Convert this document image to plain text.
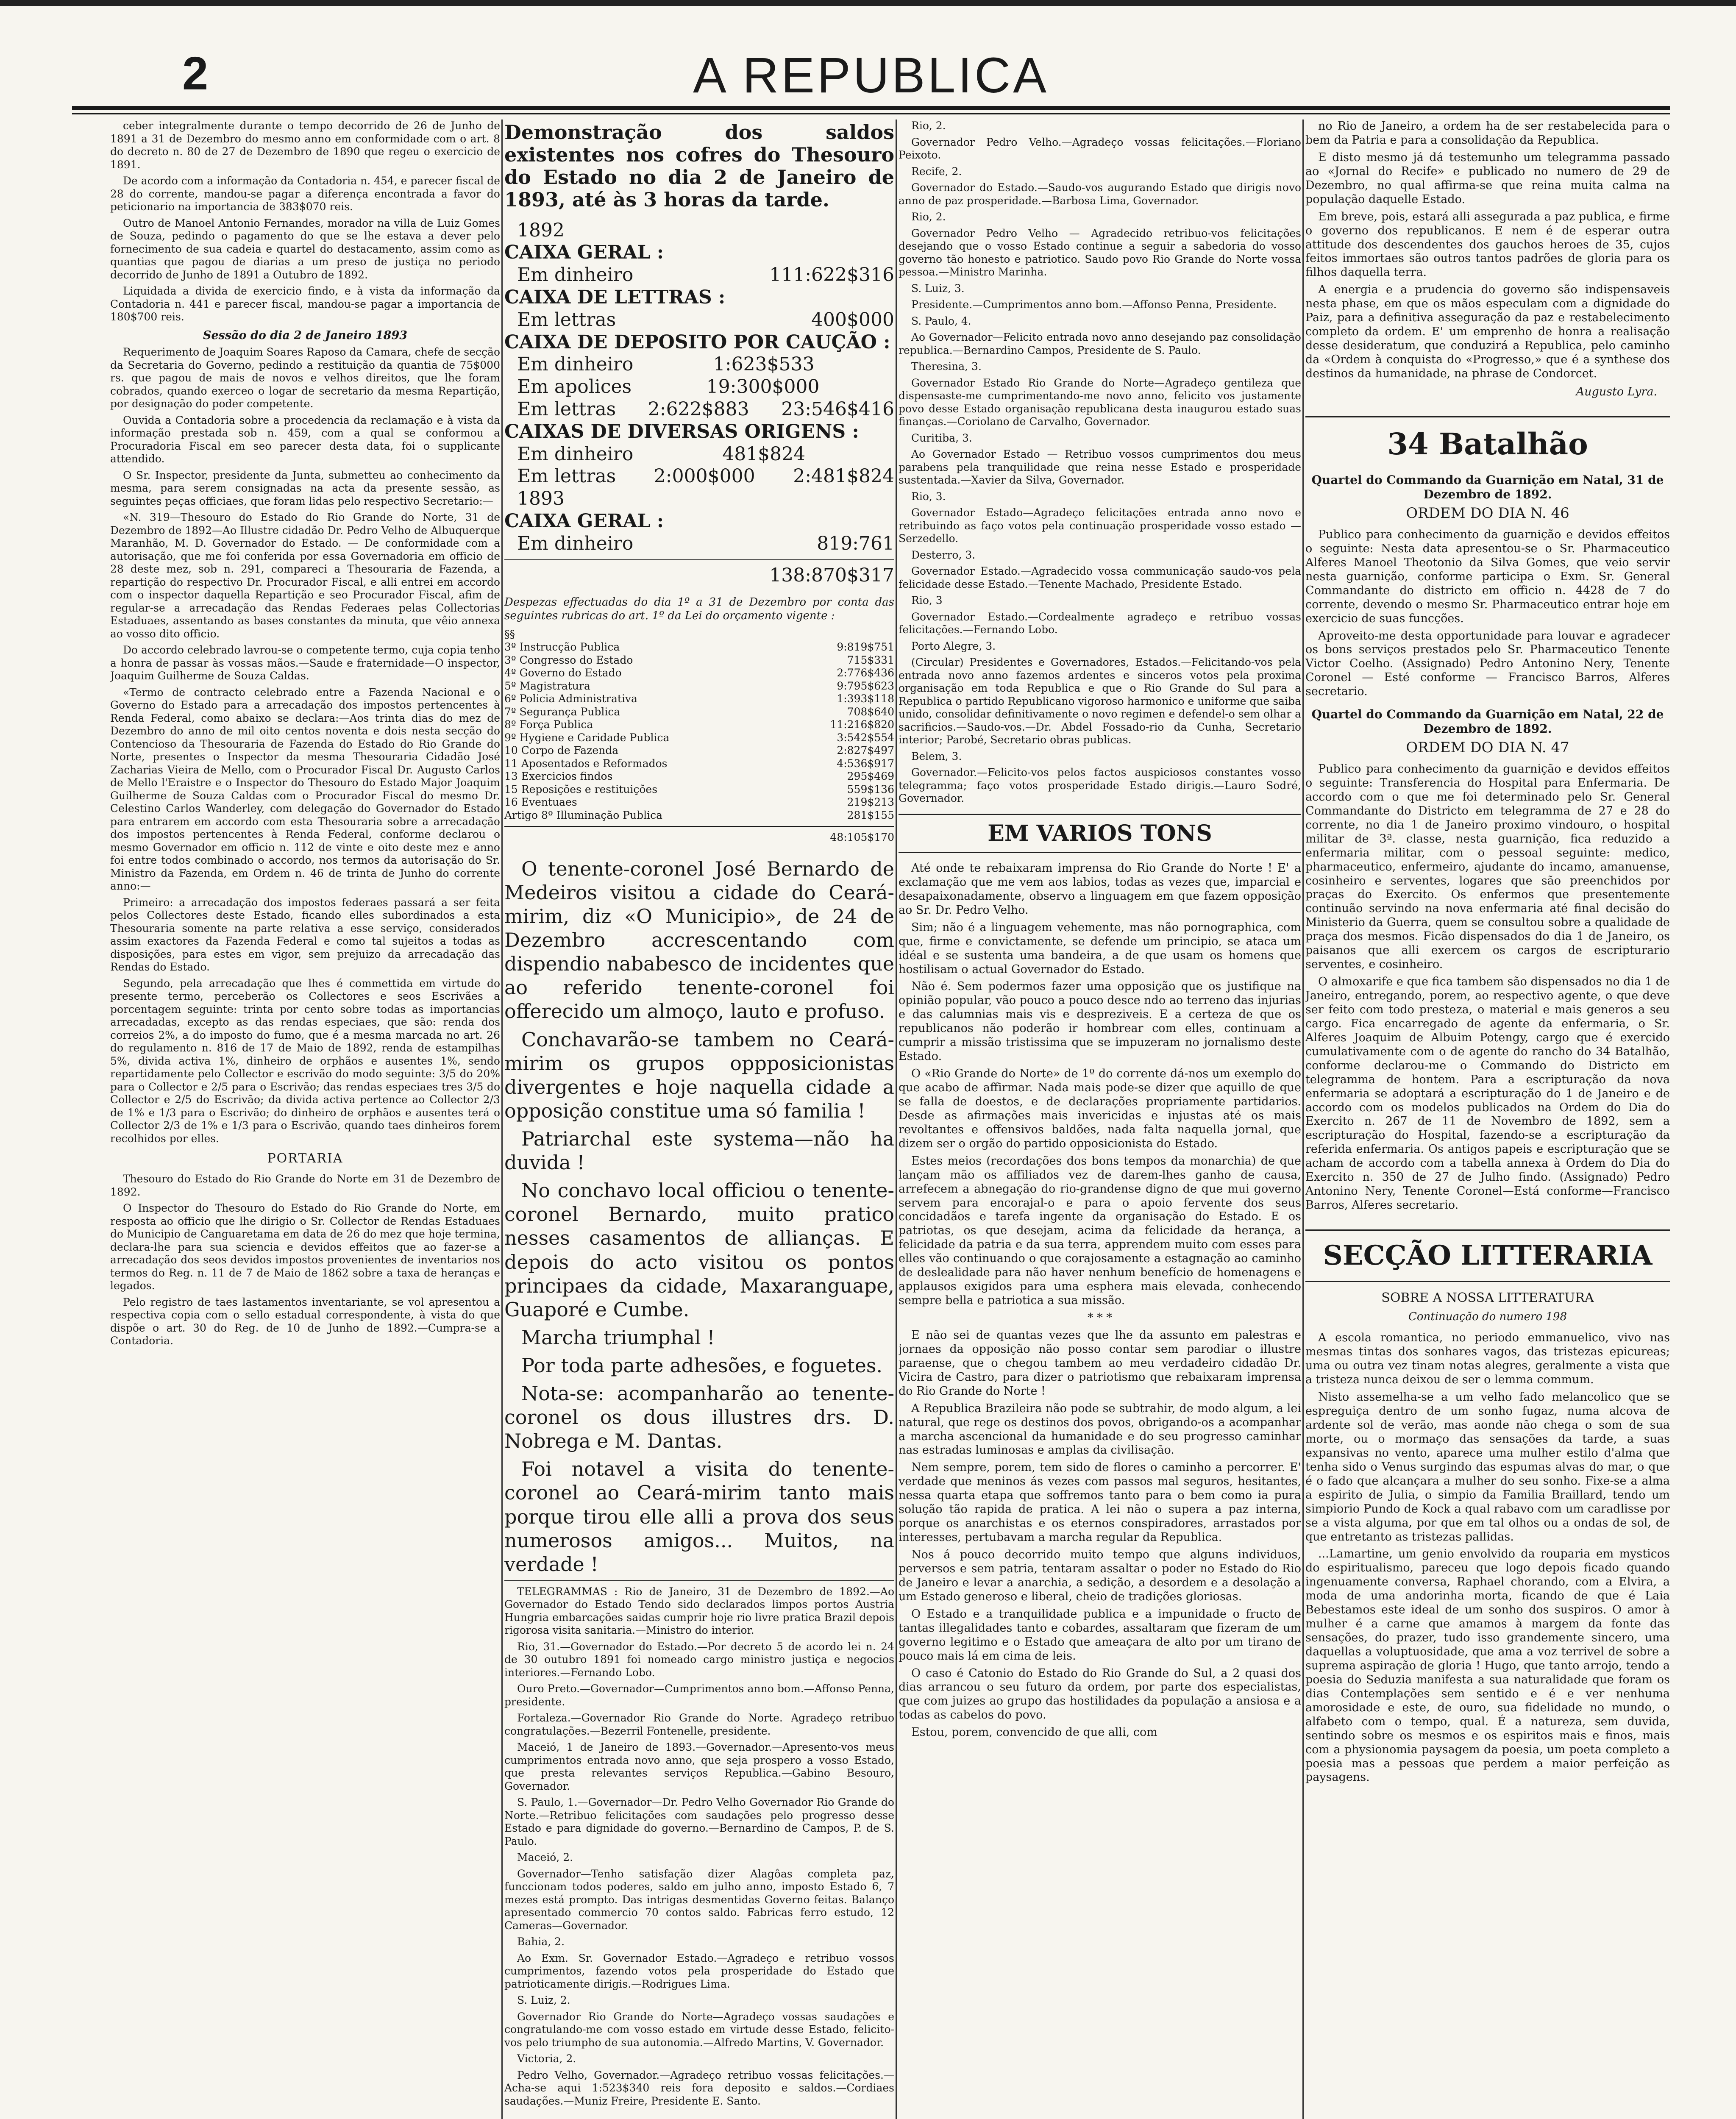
2	A REPUBLICA

ceber integralmente durante o tempo decorrido de 26 de Junho de 1891 a 31 de Dezembro do mesmo anno em conformidade com o art. 8 do decreto n. 80 de 27 de Dezembro de 1890 que regeu o exercicio de 1891.

De acordo com a informação da Contadoria n. 454, e parecer fiscal de 28 do corrente, mandou-se pagar a diferença encontrada a favor do peticionario na importancia de 383$070 reis.

Outro de Manoel Antonio Fernandes, morador na villa de Luiz Gomes de Souza, pedindo o pagamento do que se lhe estava a dever pelo fornecimento de sua cadeia e quartel do destacamento, assim como as quantias que pagou de diarias a um preso de justiça no periodo decorrido de Junho de 1891 a Outubro de 1892.

Liquidada a divida de exercicio findo, e à vista da informação da Contadoria n. 441 e parecer fiscal, mandou-se pagar a importancia de 180$700 reis.

Sessão do dia 2 de Janeiro 1893

Requerimento de Joaquim Soares Raposo da Camara, chefe de secção da Secretaria do Governo, pedindo a restituição da quantia de 75$000 rs. que pagou de mais de novos e velhos direitos, que lhe foram cobrados, quando exerceo o logar de secretario da mesma Repartição, por designação do poder competente.

Ouvida a Contadoria sobre a procedencia da reclamação e à vista da informação prestada sob n. 459, com a qual se conformou a Procuradoria Fiscal em seo parecer desta data, foi o supplicante attendido.

O Sr. Inspector, presidente da Junta, submetteu ao conhecimento da mesma, para serem consignadas na acta da presente sessão, as seguintes peças officiaes, que foram lidas pelo respectivo Secretario:—

«N. 319—Thesouro do Estado do Rio Grande do Norte, 31 de Dezembro de 1892—Ao Illustre cidadão Dr. Pedro Velho de Albuquerque Maranhão, M. D. Governador do Estado. — De conformidade com a autorisação, que me foi conferida por essa Governadoria em officio de 28 deste mez, sob n. 291, compareci a Thesouraria de Fazenda, a repartição do respectivo Dr. Procurador Fiscal, e alli entrei em accordo com o inspector daquella Repartição e seo Procurador Fiscal, afim de regular-se a arrecadação das Rendas Federaes pelas Collectorias Estaduaes, assentando as bases constantes da minuta, que vêio annexa ao vosso dito officio.

Do accordo celebrado lavrou-se o competente termo, cuja copia tenho a honra de passar às vossas mãos.—Saude e fraternidade—O inspector, Joaquim Guilherme de Souza Caldas.

«Termo de contracto celebrado entre a Fazenda Nacional e o Governo do Estado para a arrecadação dos impostos pertencentes à Renda Federal, como abaixo se declara:—Aos trinta dias do mez de Dezembro do anno de mil oito centos noventa e dois nesta secção do Contencioso da Thesouraria de Fazenda do Estado do Rio Grande do Norte, presentes o Inspector da mesma Thesouraria Cidadão José Zacharias Vieira de Mello, com o Procurador Fiscal Dr. Augusto Carlos de Mello l'Eraistre e o Inspector do Thesouro do Estado Major Joaquim Guilherme de Souza Caldas com o Procurador Fiscal do mesmo Dr. Celestino Carlos Wanderley, com delegação do Governador do Estado para entrarem em accordo com esta Thesouraria sobre a arrecadação dos impostos pertencentes à Renda Federal, conforme declarou o mesmo Governador em officio n. 112 de vinte e oito deste mez e anno foi entre todos combinado o accordo, nos termos da autorisação do Sr. Ministro da Fazenda, em Ordem n. 46 de trinta de Junho do corrente anno:—

Primeiro: a arrecadação dos impostos federaes passará a ser feita pelos Collectores deste Estado, ficando elles subordinados a esta Thesouraria somente na parte relativa a esse serviço, considerados assim exactores da Fazenda Federal e como tal sujeitos a todas as disposições, para estes em vigor, sem prejuizo da arrecadação das Rendas do Estado.

Segundo, pela arrecadação que lhes é commettida em virtude do presente termo, perceberão os Collectores e seos Escrivães a porcentagem seguinte: trinta por cento sobre todas as importancias arrecadadas, excepto as das rendas especiaes, que são: renda dos correios 2%, a do imposto do fumo, que é a mesma marcada no art. 26 do regulamento n. 816 de 17 de Maio de 1892, renda de estampilhas 5%, divida activa 1%, dinheiro de orphãos e ausentes 1%, sendo repartidamente pelo Collector e escrivão do modo seguinte: 3/5 do 20% para o Collector e 2/5 para o Escrivão; das rendas especiaes tres 3/5 do Collector e 2/5 do Escrivão; da divida activa pertence ao Collector 2/3 de 1% e 1/3 para o Escrivão; do dinheiro de orphãos e ausentes terá o Collector 2/3 de 1% e 1/3 para o Escrivão, quando taes dinheiros forem recolhidos por elles.

PORTARIA

Thesouro do Estado do Rio Grande do Norte em 31 de Dezembro de 1892.

O Inspector do Thesouro do Estado do Rio Grande do Norte, em resposta ao officio que lhe dirigio o Sr. Collector de Rendas Estaduaes do Municipio de Canguaretama em data de 26 do mez que hoje termina, declara-lhe para sua sciencia e devidos effeitos que ao fazer-se a arrecadação dos seos devidos impostos provenientes de inventarios nos termos do Reg. n. 11 de 7 de Maio de 1862 sobre a taxa de heranças e legados.

Pelo registro de taes lastamentos inventariante, se vol apresentou a respectiva copia com o sello estadual correspondente, à vista do que dispõe o art. 30 do Reg. de 10 de Junho de 1892.—Cumpra-se a Contadoria.

Demonstração dos saldos existentes nos cofres do Thesouro do Estado no dia 2 de Janeiro de 1893, até às 3 horas da tarde.
1892
CAIXA GERAL :
Em dinheiro	111:622$316
CAIXA DE LETTRAS :
Em lettras	400$000
CAIXA DE DEPOSITO POR CAUÇÃO :
Em dinheiro	1:623$533
Em apolices	19:300$000
Em lettras	2:622$883	23:546$416
CAIXAS DE DIVERSAS ORIGENS :
Em dinheiro	481$824
Em lettras	2:000$000	2:481$824
1893
CAIXA GERAL :
Em dinheiro	819:761
138:870$317

Despezas effectuadas do dia 1º a 31 de Dezembro por conta das seguintes rubricas do art. 1º da Lei do orçamento vigente :

§§
3º Instrucção Publica	9:819$751
3º Congresso do Estado	715$331
4º Governo do Estado	2:776$436
5º Magistratura	9:795$623
6º Policia Administrativa	1:393$118
7º Segurança Publica	708$640
8º Força Publica	11:216$820
9º Hygiene e Caridade Publica	3:542$554
10 Corpo de Fazenda	2:827$497
11 Aposentados e Reformados	4:536$917
13 Exercicios findos	295$469
15 Reposições e restituições	559$136
16 Eventuaes	219$213
Artigo 8º Illuminação Publica	281$155
48:105$170

O tenente-coronel José Bernardo de Medeiros visitou a cidade do Ceará-mirim, diz «O Municipio», de 24 de Dezembro accrescentando com dispendio nababesco de incidentes que ao referido tenente-coronel foi offerecido um almoço, lauto e profuso.

Conchavarão-se tambem no Ceará-mirim os grupos oppposicionistas divergentes e hoje naquella cidade a opposição constitue uma só familia !

Patriarchal este systema—não ha duvida !

No conchavo local officiou o tenente-coronel Bernardo, muito pratico nesses casamentos de allianças. E depois do acto visitou os pontos principaes da cidade, Maxaranguape, Guaporé e Cumbe.

Marcha triumphal !

Por toda parte adhesões, e foguetes.

Nota-se: acompanharão ao tenente-coronel os dous illustres drs. D. Nobrega e M. Dantas.

Foi notavel a visita do tenente-coronel ao Ceará-mirim tanto mais porque tirou elle alli a prova dos seus numerosos amigos... Muitos, na verdade !

TELEGRAMMAS : Rio de Janeiro, 31 de Dezembro de 1892.—Ao Governador do Estado Tendo sido declarados limpos portos Austria Hungria embarcações saidas cumprir hoje rio livre pratica Brazil depois rigorosa visita sanitaria.—Ministro do interior.

Rio, 31.—Governador do Estado.—Por decreto 5 de acordo lei n. 24 de 30 outubro 1891 foi nomeado cargo ministro justiça e negocios interiores.—Fernando Lobo.

Ouro Preto.—Governador—Cumprimentos anno bom.—Affonso Penna, presidente.

Fortaleza.—Governador Rio Grande do Norte. Agradeço retribuo congratulações.—Bezerril Fontenelle, presidente.

Maceió, 1 de Janeiro de 1893.—Governador.—Apresento-vos meus cumprimentos entrada novo anno, que seja prospero a vosso Estado, que presta relevantes serviços Republica.—Gabino Besouro, Governador.

S. Paulo, 1.—Governador—Dr. Pedro Velho Governador Rio Grande do Norte.—Retribuo felicitações com saudações pelo progresso desse Estado e para dignidade do governo.—Bernardino de Campos, P. de S. Paulo.

Maceió, 2.

Governador—Tenho satisfação dizer Alagôas completa paz, funccionam todos poderes, saldo em julho anno, imposto Estado 6, 7 mezes está prompto. Das intrigas desmentidas Governo feitas. Balanço apresentado commercio 70 contos saldo. Fabricas ferro estudo, 12 Cameras—Governador.

Bahia, 2.

Ao Exm. Sr. Governador Estado.—Agradeço e retribuo vossos cumprimentos, fazendo votos pela prosperidade do Estado que patrioticamente dirigis.—Rodrigues Lima.

S. Luiz, 2.

Governador Rio Grande do Norte—Agradeço vossas saudações e congratulando-me com vosso estado em virtude desse Estado, felicito-vos pelo triumpho de sua autonomia.—Alfredo Martins, V. Governador.

Victoria, 2.

Pedro Velho, Governador.—Agradeço retribuo vossas felicitações.—Acha-se aqui 1:523$340 reis fora deposito e saldos.—Cordiaes saudações.—Muniz Freire, Presidente E. Santo.

Rio, 2.

Governador Pedro Velho.—Agradeço vossas felicitações.—Floriano Peixoto.

Recife, 2.

Governador do Estado.—Saudo-vos augurando Estado que dirigis novo anno de paz prosperidade.—Barbosa Lima, Governador.

Rio, 2.

Governador Pedro Velho — Agradecido retribuo-vos felicitações desejando que o vosso Estado continue a seguir a sabedoria do vosso governo tão honesto e patriotico. Saudo povo Rio Grande do Norte vossa pessoa.—Ministro Marinha.

S. Luiz, 3.

Presidente.—Cumprimentos anno bom.—Affonso Penna, Presidente.

S. Paulo, 4.

Ao Governador—Felicito entrada novo anno desejando paz consolidação republica.—Bernardino Campos, Presidente de S. Paulo.

Theresina, 3.

Governador Estado Rio Grande do Norte—Agradeço gentileza que dispensaste-me cumprimentando-me novo anno, felicito vos justamente povo desse Estado organisação republicana desta inaugurou estado suas finanças.—Coriolano de Carvalho, Governador.

Curitiba, 3.

Ao Governador Estado — Retribuo vossos cumprimentos dou meus parabens pela tranquilidade que reina nesse Estado e prosperidade sustentada.—Xavier da Silva, Governador.

Rio, 3.

Governador Estado—Agradeço felicitações entrada anno novo e retribuindo as faço votos pela continuação prosperidade vosso estado — Serzedello.

Desterro, 3.

Governador Estado.—Agradecido vossa communicação saudo-vos pela felicidade desse Estado.—Tenente Machado, Presidente Estado.

Rio, 3

Governador Estado.—Cordealmente agradeço e retribuo vossas felicitações.—Fernando Lobo.

Porto Alegre, 3.

(Circular) Presidentes e Governadores, Estados.—Felicitando-vos pela entrada novo anno fazemos ardentes e sinceros votos pela proxima organisação em toda Republica e que o Rio Grande do Sul para a Republica o partido Republicano vigoroso harmonico e uniforme que saiba unido, consolidar definitivamente o novo regimen e defendel-o sem olhar a sacrificios.—Saudo-vos.—Dr. Abdel Fossado-rio da Cunha, Secretario interior; Parobé, Secretario obras publicas.

Belem, 3.

Governador.—Felicito-vos pelos factos auspiciosos constantes vosso telegramma; faço votos prosperidade Estado dirigis.—Lauro Sodré, Governador.

EM VARIOS TONS

Até onde te rebaixaram imprensa do Rio Grande do Norte ! E' a exclamação que me vem aos labios, todas as vezes que, imparcial e desapaixonadamente, observo a linguagem em que fazem opposição ao Sr. Dr. Pedro Velho.

Sim; não é a linguagem vehemente, mas não pornographica, com que, firme e convictamente, se defende um principio, se ataca um idéal e se sustenta uma bandeira, a de que usam os homens que hostilisam o actual Governador do Estado.

Não é. Sem podermos fazer uma opposição que os justifique na opinião popular, vão pouco a pouco desce ndo ao terreno das injurias e das calumnias mais vis e despreziveis. E a certeza de que os republicanos não poderão ir hombrear com elles, continuam a cumprir a missão tristissima que se impuzeram no jornalismo deste Estado.

O «Rio Grande do Norte» de 1º do corrente dá-nos um exemplo do que acabo de affirmar. Nada mais pode-se dizer que aquillo de que se falla de doestos, e de declarações propriamente partidarios. Desde as afirmações mais invericidas e injustas até os mais revoltantes e offensivos baldões, nada falta naquella jornal, que dizem ser o orgão do partido opposicionista do Estado.

Estes meios (recordações dos bons tempos da monarchia) de que lançam mão os affiliados vez de darem-lhes ganho de causa, arrefecem a abnegação do rio-grandense digno de que mui governo servem para encorajal-o e para o apoio fervente dos seus concidadãos e tarefa ingente da organisação do Estado. E os patriotas, os que desejam, acima da felicidade da herança, a felicidade da patria e da sua terra, apprendem muito com esses para elles vão continuando o que corajosamente a estagnação ao caminho de deslealidade para não haver nenhum benefício de homenagens e applausos exigidos para uma esphera mais elevada, conhecendo sempre bella e patriotica a sua missão.

* * *

E não sei de quantas vezes que lhe da assunto em palestras e jornaes da opposição não posso contar sem parodiar o illustre paraense, que o chegou tambem ao meu verdadeiro cidadão Dr. Vicira de Castro, para dizer o patriotismo que rebaixaram imprensa do Rio Grande do Norte !

A Republica Brazileira não pode se subtrahir, de modo algum, a lei natural, que rege os destinos dos povos, obrigando-os a acompanhar a marcha ascencional da humanidade e do seu progresso caminhar nas estradas luminosas e amplas da civilisação.

Nem sempre, porem, tem sido de flores o caminho a percorrer. E' verdade que meninos ás vezes com passos mal seguros, hesitantes, nessa quarta etapa que soffremos tanto para o bem como ia pura solução tão rapida de pratica. A lei não o supera a paz interna, porque os anarchistas e os eternos conspiradores, arrastados por interesses, pertubavam a marcha regular da Republica.

Nos á pouco decorrido muito tempo que alguns individuos, perversos e sem patria, tentaram assaltar o poder no Estado do Rio de Janeiro e levar a anarchia, a sedição, a desordem e a desolação a um Estado generoso e liberal, cheio de tradições gloriosas.

O Estado e a tranquilidade publica e a impunidade o fructo de tantas illegalidades tanto e cobardes, assaltaram que fizeram de um governo legitimo e o Estado que ameaçara de alto por um tirano de pouco mais lá em cima de leis.

O caso é Catonio do Estado do Rio Grande do Sul, a 2 quasi dos dias arrancou o seu futuro da ordem, por parte dos especialistas, que com juizes ao grupo das hostilidades da população a ansiosa e a todas as cabelos do povo.

Estou, porem, convencido de que alli, com

no Rio de Janeiro, a ordem ha de ser restabelecida para o bem da Patria e para a consolidação da Republica.

E disto mesmo já dá testemunho um telegramma passado ao «Jornal do Recife» e publicado no numero de 29 de Dezembro, no qual affirma-se que reina muita calma na população daquelle Estado.

Em breve, pois, estará alli assegurada a paz publica, e firme o governo dos republicanos. E nem é de esperar outra attitude dos descendentes dos gauchos heroes de 35, cujos feitos immortaes são outros tantos padrões de gloria para os filhos daquella terra.

A energia e a prudencia do governo são indispensaveis nesta phase, em que os mãos especulam com a dignidade do Paiz, para a definitiva asseguração da paz e restabelecimento completo da ordem. E' um emprenho de honra a realisação desse desideratum, que conduzirá a Republica, pelo caminho da «Ordem à conquista do «Progresso,» que é a synthese dos destinos da humanidade, na phrase de Condorcet.

Augusto Lyra.
34 Batalhão
Quartel do Commando da Guarnição em Natal, 31 de Dezembro de 1892.
ORDEM DO DIA N. 46

Publico para conhecimento da guarnição e devidos effeitos o seguinte: Nesta data apresentou-se o Sr. Pharmaceutico Alferes Manoel Theotonio da Silva Gomes, que veio servir nesta guarnição, conforme participa o Exm. Sr. General Commandante do districto em officio n. 4428 de 7 do corrente, devendo o mesmo Sr. Pharmaceutico entrar hoje em exercicio de suas funcções.

Aproveito-me desta opportunidade para louvar e agradecer os bons serviços prestados pelo Sr. Pharmaceutico Tenente Victor Coelho. (Assignado) Pedro Antonino Nery, Tenente Coronel — Esté conforme — Francisco Barros, Alferes secretario.

Quartel do Commando da Guarnição em Natal, 22 de Dezembro de 1892.
ORDEM DO DIA N. 47

Publico para conhecimento da guarnição e devidos effeitos o seguinte: Transferencia do Hospital para Enfermaria. De accordo com o que me foi determinado pelo Sr. General Commandante do Districto em telegramma de 27 e 28 do corrente, no dia 1 de Janeiro proximo vindouro, o hospital militar de 3ª. classe, nesta guarnição, fica reduzido a enfermaria militar, com o pessoal seguinte: medico, pharmaceutico, enfermeiro, ajudante do incamo, amanuense, cosinheiro e serventes, logares que são preenchidos por praças do Exercito. Os enfermos que presentemente continuão servindo na nova enfermaria até final decisão do Ministerio da Guerra, quem se consultou sobre a qualidade de praça dos mesmos. Ficão dispensados do dia 1 de Janeiro, os paisanos que alli exercem os cargos de escripturario serventes, e cosinheiro.

O almoxarife e que fica tambem são dispensados no dia 1 de Janeiro, entregando, porem, ao respectivo agente, o que deve ser feito com todo presteza, o material e mais generos a seu cargo. Fica encarregado de agente da enfermaria, o Sr. Alferes Joaquim de Albuim Potengy, cargo que é exercido cumulativamente com o de agente do rancho do 34 Batalhão, conforme declarou-me o Commando do Districto em telegramma de hontem. Para a escripturação da nova enfermaria se adoptará a escripturação do 1 de Janeiro e de accordo com os modelos publicados na Ordem do Dia do Exercito n. 267 de 11 de Novembro de 1892, sem a escripturação do Hospital, fazendo-se a escripturação da referida enfermaria. Os antigos papeis e escripturação que se acham de accordo com a tabella annexa à Ordem do Dia do Exercito n. 350 de 27 de Julho findo. (Assignado) Pedro Antonino Nery, Tenente Coronel—Está conforme—Francisco Barros, Alferes secretario.

SECÇÃO LITTERARIA
SOBRE A NOSSA LITTERATURA
Continuação do numero 198

A escola romantica, no periodo emmanuelico, vivo nas mesmas tintas dos sonhares vagos, das tristezas epicureas; uma ou outra vez tinam notas alegres, geralmente a vista que a tristeza nunca deixou de ser o lemma commum.

Nisto assemelha-se a um velho fado melancolico que se espreguiça dentro de um sonho fugaz, numa alcova de ardente sol de verão, mas aonde não chega o som de sua morte, ou o mormaço das sensações da tarde, a suas expansivas no vento, aparece uma mulher estilo d'alma que tenha sido o Venus surgindo das espumas alvas do mar, o que é o fado que alcançara a mulher do seu sonho. Fixe-se a alma a espirito de Julia, o simpio da Familia Braillard, tendo um simpiorio Pundo de Kock a qual rabavo com um caradlisse por se a vista alguma, por que em tal olhos ou a ondas de sol, de que entretanto as tristezas pallidas.

...Lamartine, um genio envolvido da rouparia em mysticos do espiritualismo, pareceu que logo depois ficado quando ingenuamente conversa, Raphael chorando, com a Elvira, a moda de uma andorinha morta, ficando de que é Laia Bebestamos este ideal de um sonho dos suspiros. O amor à mulher é a carne que amamos à margem da fonte das sensações, do prazer, tudo isso grandemente sincero, uma daquellas a voluptuosidade, que ama a voz terrivel de sobre a suprema aspiração de gloria ! Hugo, que tanto arrojo, tendo a poesia do Seduzia manifesta a sua naturalidade que foram os dias Contemplações sem sentido e é e ver nenhuma amorosidade e este, de ouro, sua fidelidade no mundo, o alfabeto com o tempo, qual. É a natureza, sem duvida, sentindo sobre os mesmos e os espiritos mais e finos, mais com a physionomia paysagem da poesia, um poeta completo a poesia mas a pessoas que perdem a maior perfeição as paysagens.
